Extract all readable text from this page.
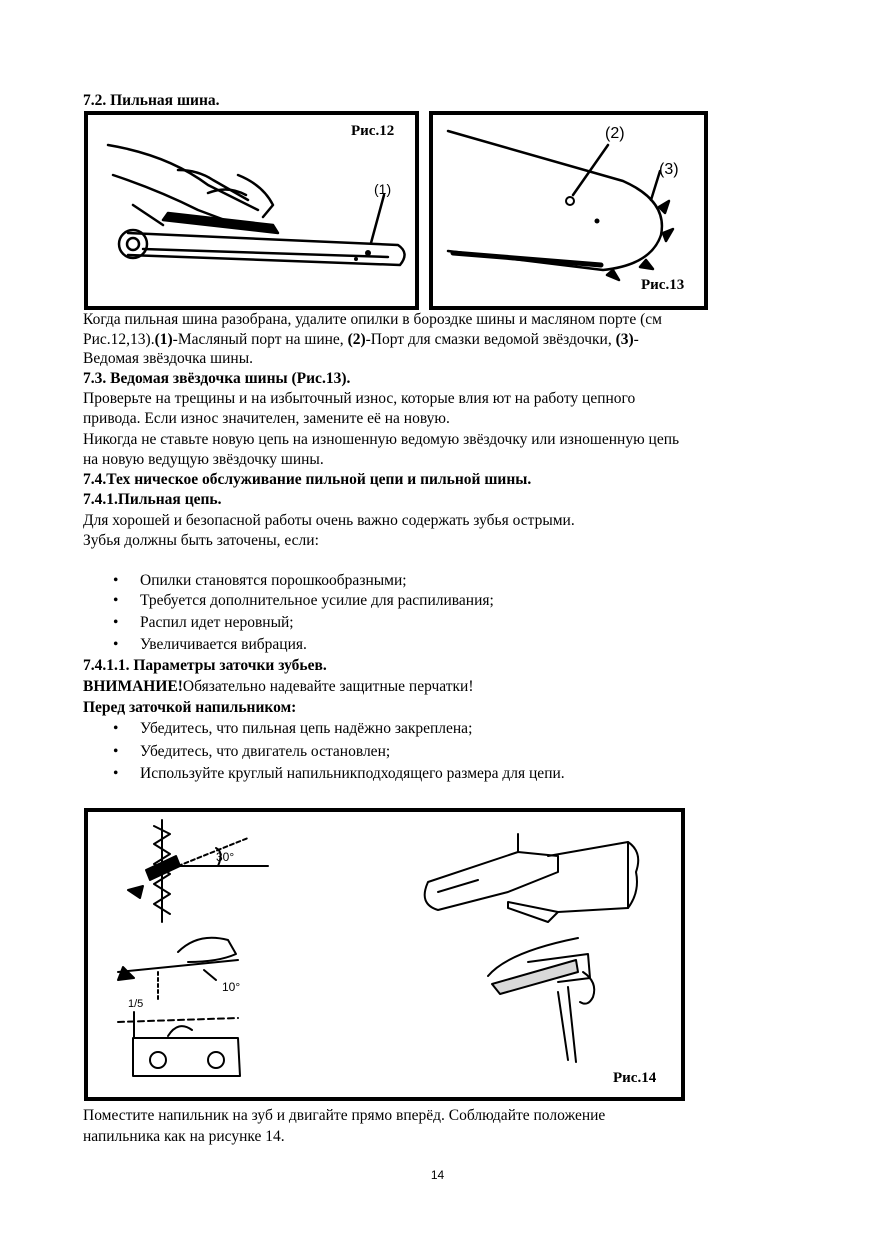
7.2. Пильная шина.
Рис.12
(1)
(2)
(3)
Рис.13
Когда пильная шина разобрана, удалите опилки в бороздке шины и масляном порте (см
Рис.12,13).(1)-Масляный порт на шине, (2)-Порт для смазки ведомой звёздочки, (3)-
Ведомая звёздочка шины.
7.3. Ведомая звёздочка шины (Рис.13).
Проверьте на трещины и на избыточный износ, которые влия ют на работу цепного
привода. Если износ значителен, замените её на новую.
Никогда не ставьте новую цепь на изношенную ведомую звёздочку или изношенную цепь
на новую ведущую звёздочку шины.
7.4.Тех ническое обслуживание пильной цепи и пильной шины.
7.4.1.Пильная цепь.
Для хорошей и безопасной работы очень важно содержать зубья острыми.
Зубья должны быть заточены, если:
• Опилки становятся порошкообразными;
• Требуется дополнительное усилие для распиливания;
• Распил идет неровный;
• Увеличивается вибрация.
7.4.1.1. Параметры заточки зубьев.
ВНИМАНИЕ!Обязательно надевайте защитные перчатки!
Перед заточкой напильником:
• Убедитесь, что пильная цепь надёжно закреплена;
• Убедитесь, что двигатель остановлен;
• Используйте круглый напильникподходящего размера для цепи.
30°
10°
1/5
Рис.14
Поместите напильник на зуб и двигайте прямо вперёд. Соблюдайте положение
напильника как на рисунке 14.
14
